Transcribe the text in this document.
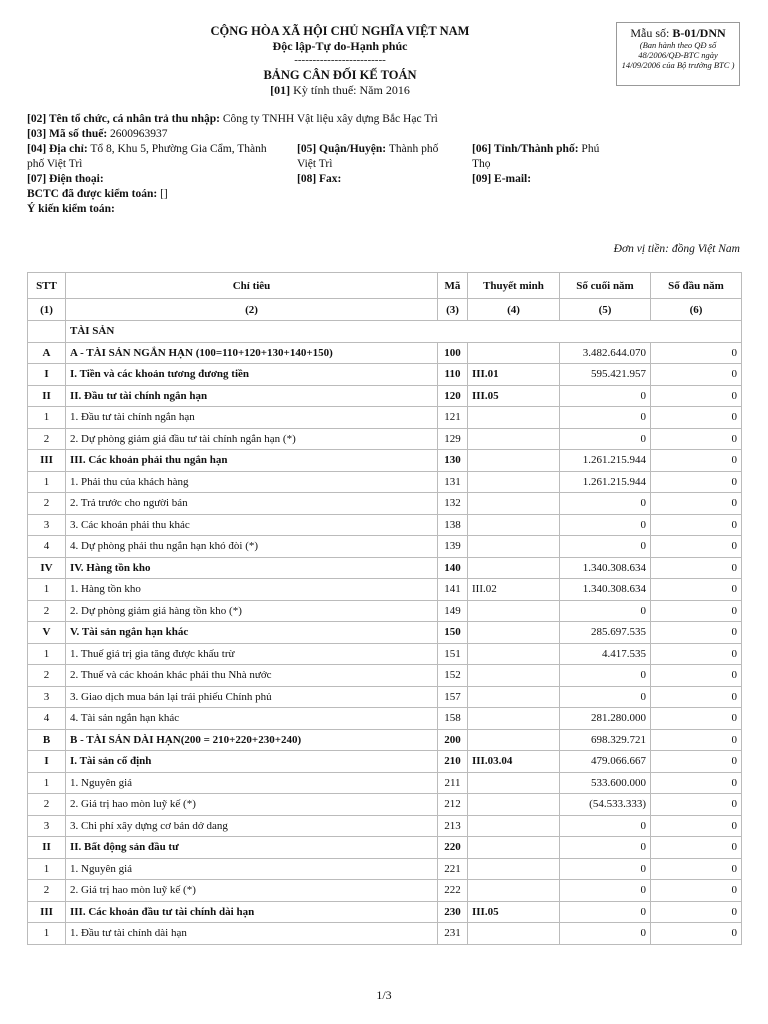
CỘNG HÒA XÃ HỘI CHỦ NGHĨA VIỆT NAM
Độc lập-Tự do-Hạnh phúc
-------------------------
BẢNG CÂN ĐỐI KẾ TOÁN
[01] Kỳ tính thuế: Năm 2016
Mẫu số: B-01/DNN
(Ban hành theo QĐ số 48/2006/QĐ-BTC ngày 14/09/2006 của Bộ trưởng BTC )
[02] Tên tổ chức, cá nhân trả thu nhập: Công ty TNHH Vật liệu xây dựng Bắc Hạc Trì
[03] Mã số thuế: 2600963937
[04] Địa chỉ: Tổ 8, Khu 5, Phường Gia Cẩm, Thành	[05] Quận/Huyện: Thành phố	[06] Tỉnh/Thành phố: Phú
phố Việt Trì	Việt Trì	Thọ
[07] Điện thoại:	[08] Fax:	[09] E-mail:
BCTC đã được kiểm toán: []
Ý kiến kiểm toán:
Đơn vị tiền: đồng Việt Nam
STT	Chỉ tiêu	Mã	Thuyết minh	Số cuối năm	Số đầu năm
(1)	(2)	(3)	(4)	(5)	(6)
	TÀI SẢN				
A	A - TÀI SẢN NGẮN HẠN (100=110+120+130+140+150)	100		3.482.644.070	0
I	I. Tiền và các khoản tương đương tiền	110	III.01	595.421.957	0
II	II. Đầu tư tài chính ngắn hạn	120	III.05	0	0
1	1. Đầu tư tài chính ngắn hạn	121		0	0
2	2. Dự phòng giảm giá đầu tư tài chính ngắn hạn (*)	129		0	0
III	III. Các khoản phải thu ngắn hạn	130		1.261.215.944	0
1	1. Phải thu của khách hàng	131		1.261.215.944	0
2	2. Trả trước cho người bán	132		0	0
3	3. Các khoản phải thu khác	138		0	0
4	4. Dự phòng phải thu ngắn hạn khó đòi (*)	139		0	0
IV	IV. Hàng tồn kho	140		1.340.308.634	0
1	1. Hàng tồn kho	141	III.02	1.340.308.634	0
2	2. Dự phòng giảm giá hàng tồn kho (*)	149		0	0
V	V. Tài sản ngắn hạn khác	150		285.697.535	0
1	1. Thuế giá trị gia tăng được khấu trừ	151		4.417.535	0
2	2. Thuế và các khoản khác phải thu Nhà nước	152		0	0
3	3. Giao dịch mua bán lại trái phiếu Chính phủ	157		0	0
4	4. Tài sản ngắn hạn khác	158		281.280.000	0
B	B - TÀI SẢN DÀI HẠN(200 = 210+220+230+240)	200		698.329.721	0
I	I. Tài sản cố định	210	III.03.04	479.066.667	0
1	1. Nguyên giá	211		533.600.000	0
2	2. Giá trị hao mòn luỹ kế (*)	212		(54.533.333)	0
3	3. Chi phí xây dựng cơ bản dở dang	213		0	0
II	II. Bất động sản đầu tư	220		0	0
1	1. Nguyên giá	221		0	0
2	2. Giá trị hao mòn luỹ kế (*)	222		0	0
III	III. Các khoản đầu tư tài chính dài hạn	230	III.05	0	0
1	1. Đầu tư tài chính dài hạn	231		0	0
1/3
